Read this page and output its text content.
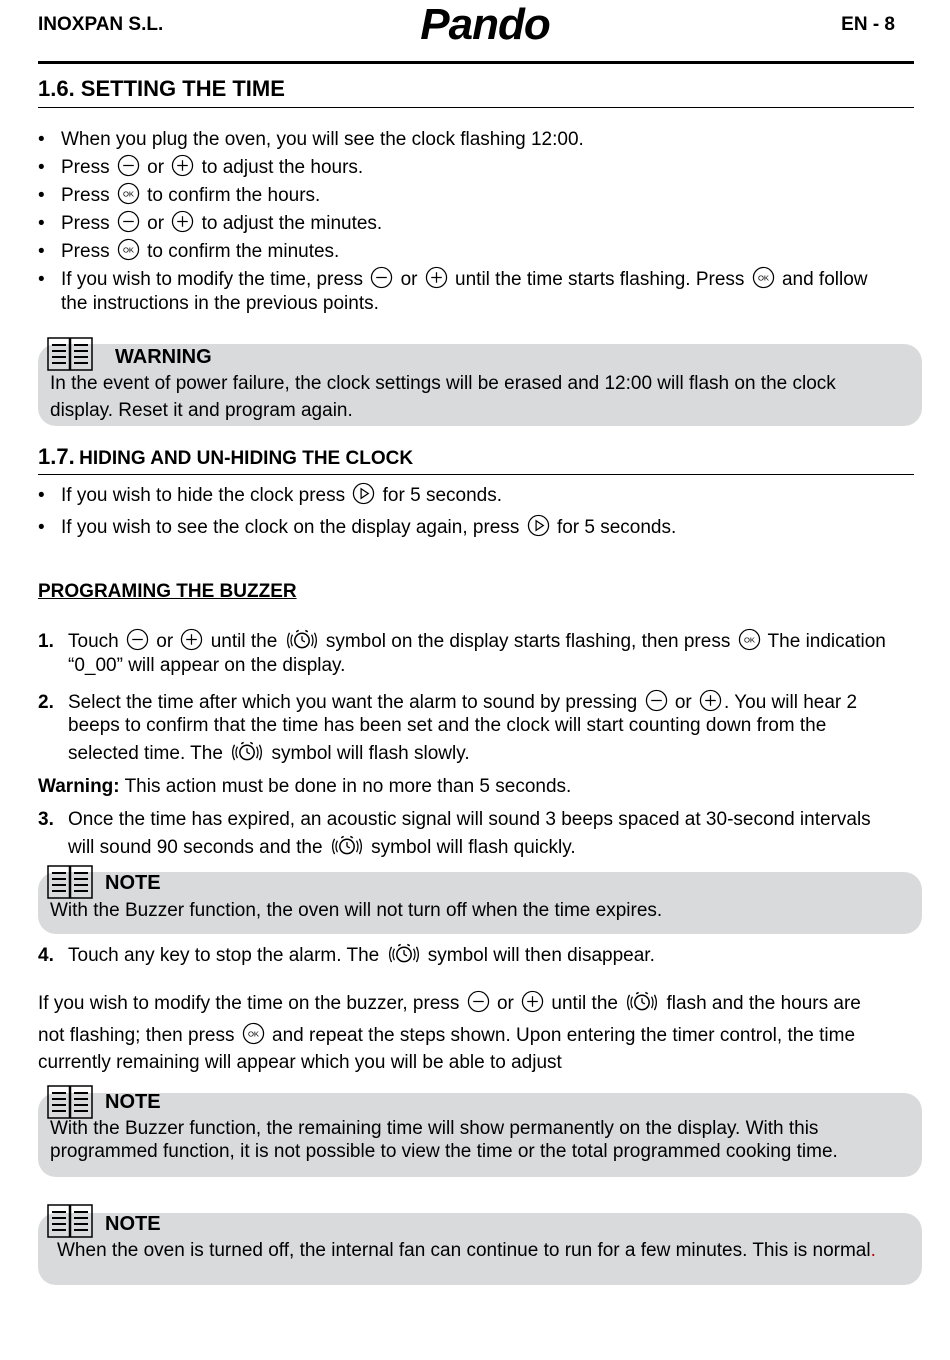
INOXPAN S.L.	Pando	EN - 8
1.6. SETTING THE TIME
• When you plug the oven, you will see the clock flashing 12:00.
• Press or to adjust the hours.
• Press to confirm the hours.
• Press or to adjust the minutes.
• Press to confirm the minutes.
• If you wish to modify the time, press or until the time starts flashing. Press and follow
the instructions in the previous points.
WARNING
In the event of power failure, the clock settings will be erased and 12:00 will flash on the clock
display. Reset it and program again.
1.7. HIDING AND UN-HIDING THE CLOCK
• If you wish to hide the clock press for 5 seconds.
• If you wish to see the clock on the display again, press for 5 seconds.
PROGRAMING THE BUZZER
1. Touch or until the	symbol on the display starts flashing, then press The indication
“0_00” will appear on the display.
2. Select the time after which you want the alarm to sound by pressing or . You will hear 2
beeps to confirm that the time has been set and the clock will start counting down from the
selected time. The	symbol will flash slowly.
Warning: This action must be done in no more than 5 seconds.
3. Once the time has expired, an acoustic signal will sound 3 beeps spaced at 30-second intervals
will sound 90 seconds and the	symbol will flash quickly.
NOTE
With the Buzzer function, the oven will not turn off when the time expires.
4. Touch any key to stop the alarm. The	symbol will then disappear.
If you wish to modify the time on the buzzer, press or until the	flash and the hours are
not flashing; then press and repeat the steps shown. Upon entering the timer control, the time
currently remaining will appear which you will be able to adjust
NOTE
With the Buzzer function, the remaining time will show permanently on the display. With this
programmed function, it is not possible to view the time or the total programmed cooking time.
NOTE
When the oven is turned off, the internal fan can continue to run for a few minutes. This is normal.
